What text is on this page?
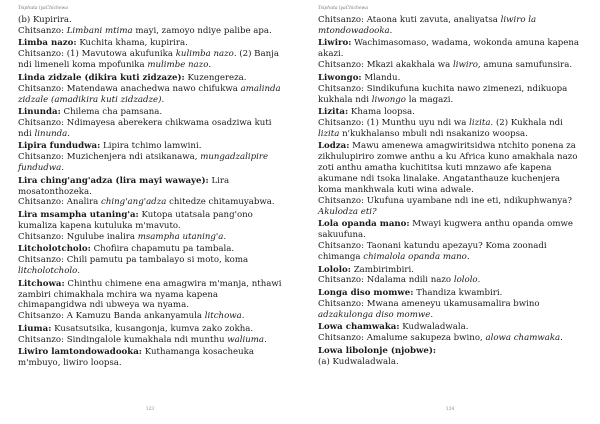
Tsiphuta lyaChichewa
(b) Kupirira.
Chitsanzo: Limbani mtima mayi, zamoyo ndiye palibe apa.
Limba nazo: Kuchita khama, kupirira.
Chitsanzo: (1) Mavutowa akufunika kulimba nazo. (2) Banja ndi limeneli koma mpofunika mulimbe nazo.
Linda zidzale (dikira kuti zidzaze): Kuzengereza.
Chitsanzo: Matendawa anachedwa nawo chifukwa amalinda zidzale (amadikira kuti zidzadze).
Linunda: Chilema cha pamsana.
Chitsanzo: Ndimayesa aberekera chikwama osadziwa kuti ndi linunda.
Lipira fundudwa: Lipira tchimo lamwini.
Chitsanzo: Muzichenjera ndi atsikanawa, mungadzalipire fundudwa.
Lira ching'ang'adza (lira mayi wawaye): Lira mosatonthozeka.
Chitsanzo: Analira ching'ang'adza chitedze chitamuyabwa.
Lira msampha utaning'a: Kutopa utatsala pang'ono kumaliza kapena kutuluka m'mavuto.
Chitsanzo: Ngulube inalira msampha utaning'a.
Litcholotcholo: Chofiira chapamutu pa tambala.
Chitsanzo: Chili pamutu pa tambalayo si moto, koma litcholotcholo.
Litchowa: Chinthu chimene ena amagwira m'manja, nthawi zambiri chimakhala mchira wa nyama kapena chimapangidwa ndi ubweya wa nyama.
Chitsanzo: A Kamuzu Banda ankanyamula litchowa.
Liuma: Kusatsutsika, kusangonja, kumva zako zokha.
Chitsanzo: Sindingalole kumakhala ndi munthu waliuma.
Liwiro lamtondowadooka: Kuthamanga kosacheuka m'mbuyo, liwiro loopsa.
123
Tsiphuta lyaChichewa
Chitsanzo: Ataona kuti zavuta, analiyatsa liwiro la mtondowadooka.
Liwiro: Wachimasomaso, wadama, wokonda amuna kapena akazi.
Chitsanzo: Mkazi akakhala wa liwiro, amuna samufunsira.
Liwongo: Mlandu.
Chitsanzo: Sindikufuna kuchita nawo zimenezi, ndikuopa kukhala ndi liwongo la magazi.
Lizita: Khama loopsa.
Chitsanzo: (1) Munthu uyu ndi wa lizita. (2) Kukhala ndi lizita n'kukhalanso mbuli ndi nsakanizo woopsa.
Lodza: Mawu amenewa amagwiritsidwa ntchito ponena za zikhulupiriro zomwe anthu a ku Africa kuno amakhala nazo zoti anthu amatha kuchititsa kuti mnzawo afe kapena akumane ndi tsoka linalake. Angatanthauze kuchenjera koma mankhwala kuti wina adwale.
Chitsanzo: Ukufuna uyambane ndi ine eti, ndikuphwanya? Akulodza eti?
Lola opanda mano: Mwayi kugwera anthu opanda omwe sakuufuna.
Chitsanzo: Taonani katundu apezayu? Koma zoonadi chimanga chimalola opanda mano.
Lololo: Zambirimbiri.
Chitsanzo: Ndalama ndili nazo lololo.
Longa diso momwe: Thandiza kwambiri.
Chitsanzo: Mwana ameneyu ukamusamalira bwino adzakulonga diso momwe.
Lowa chamwaka: Kudwaladwala.
Chitsanzo: Amalume sakupeza bwino, alowa chamwaka.
Lowa libolonje (njobwe):
(a) Kudwaladwala.
124
